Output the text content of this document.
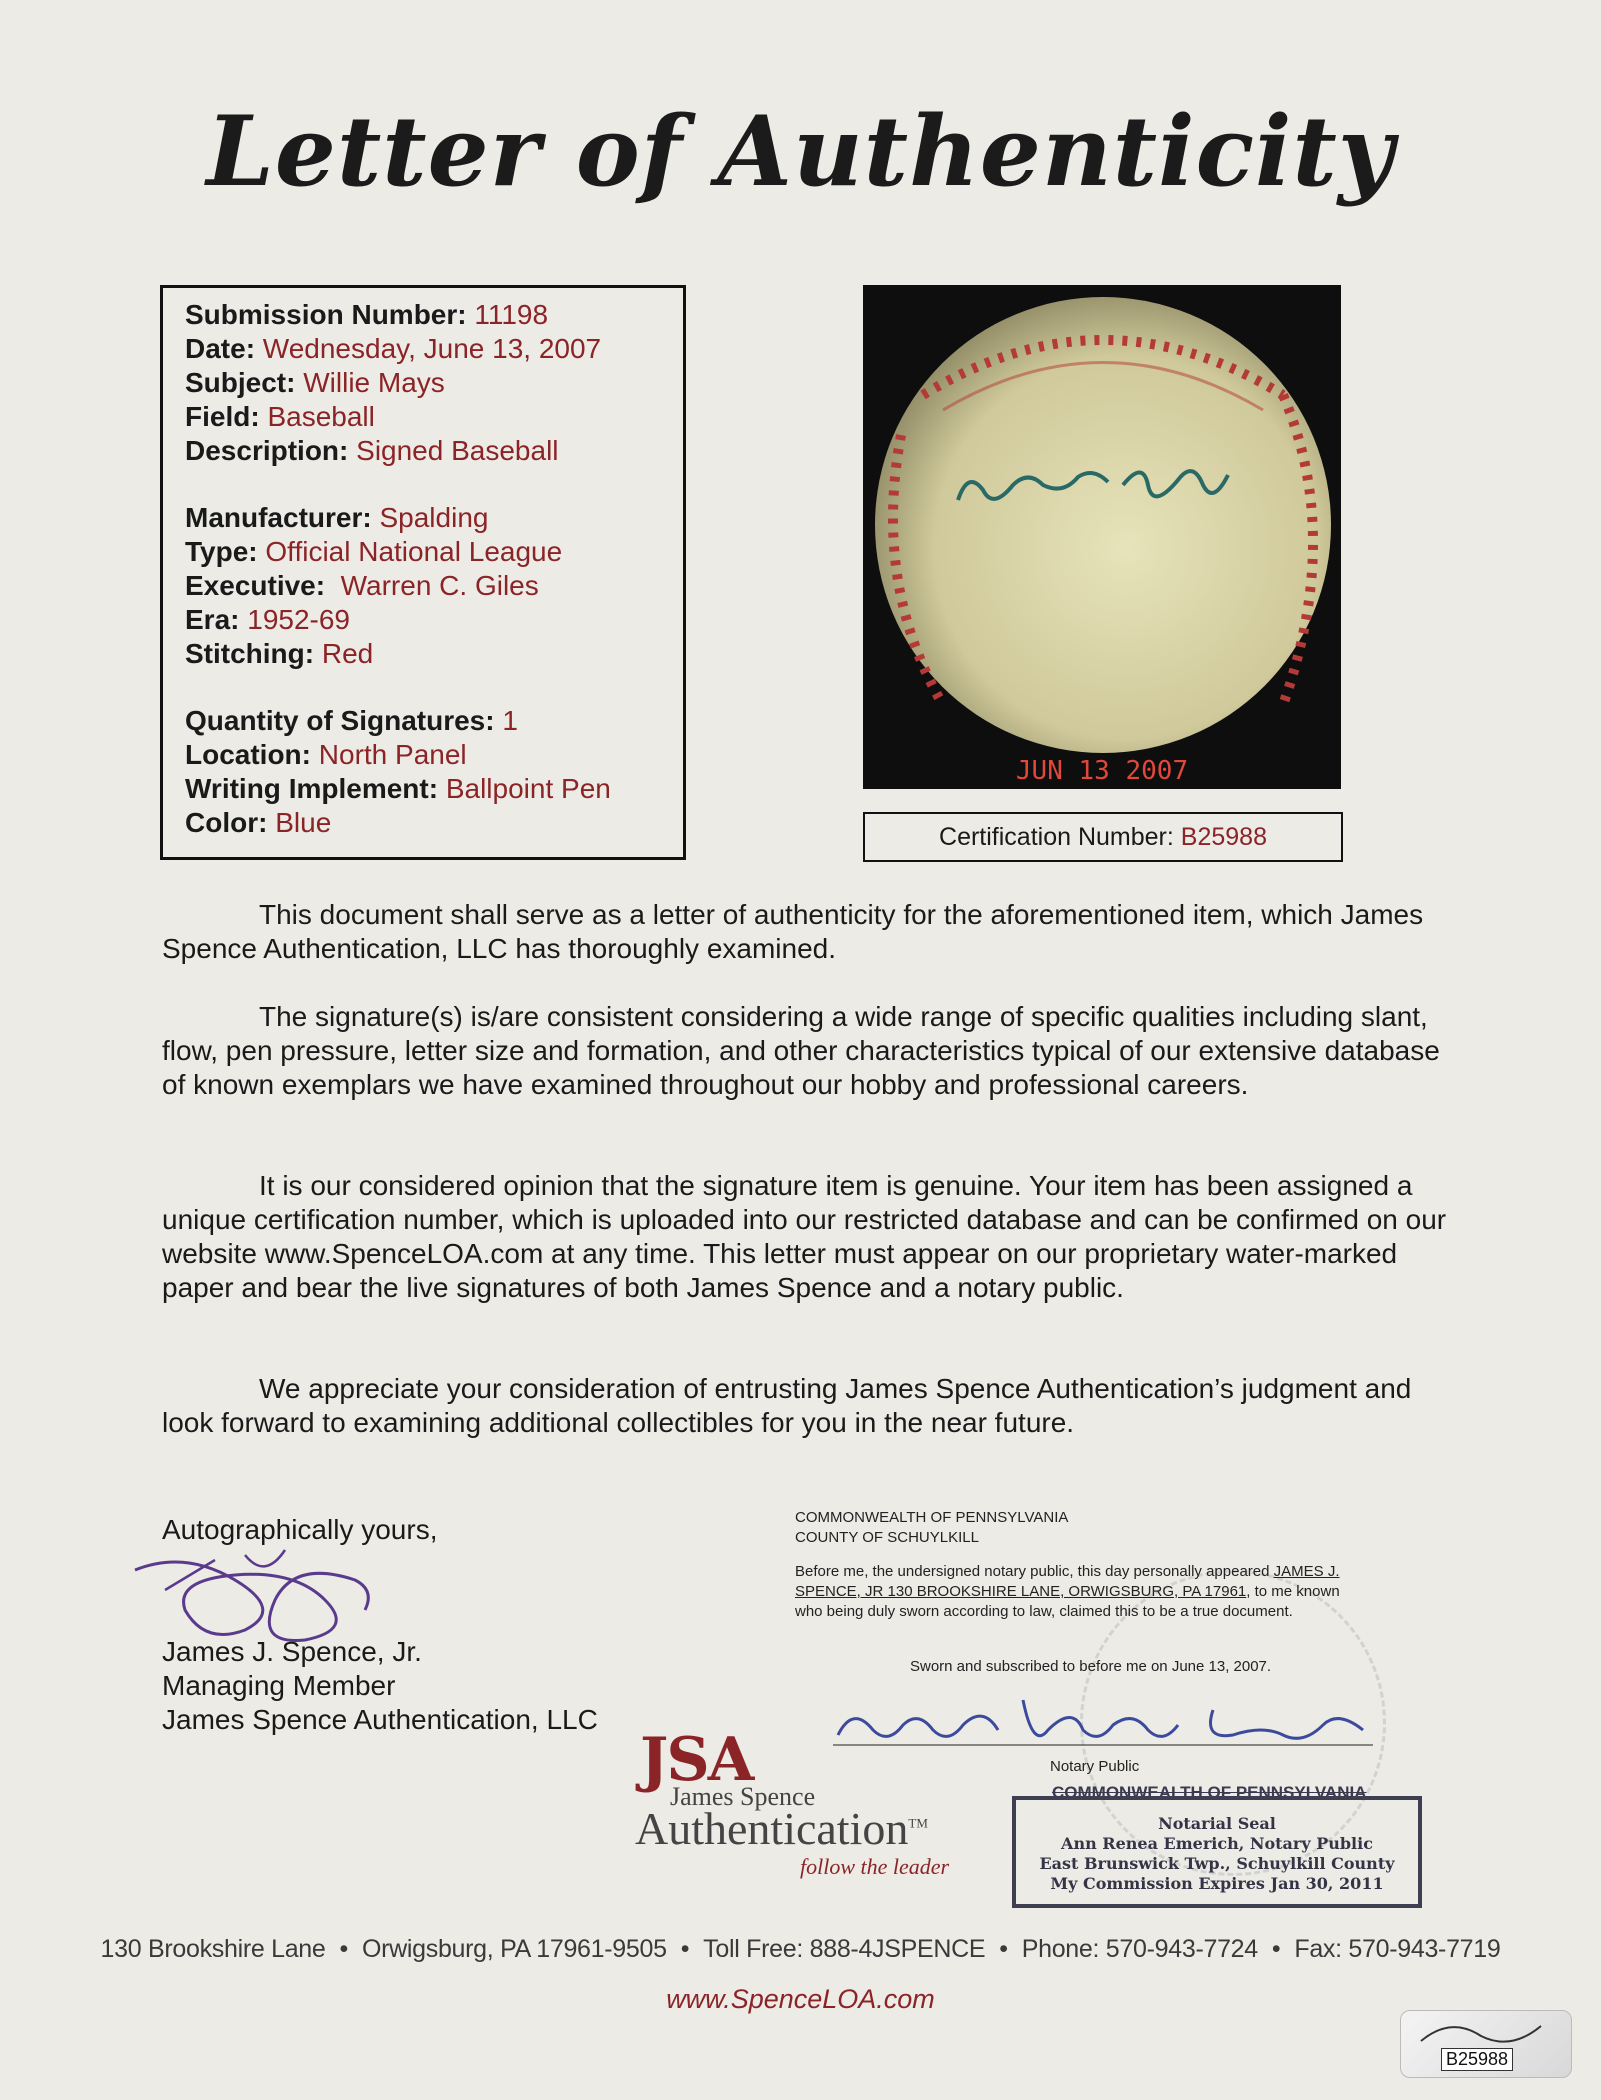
Letter of Authenticity
Submission Number: 11198
Date: Wednesday, June 13, 2007
Subject: Willie Mays
Field: Baseball
Description: Signed Baseball
Manufacturer: Spalding
Type: Official National League
Executive: Warren C. Giles
Era: 1952-69
Stitching: Red
Quantity of Signatures: 1
Location: North Panel
Writing Implement: Ballpoint Pen
Color: Blue
JUN 13 2007
Certification Number: B25988

This document shall serve as a letter of authenticity for the aforementioned item, which James Spence Authentication, LLC has thoroughly examined.

The signature(s) is/are consistent considering a wide range of specific qualities including slant, flow, pen pressure, letter size and formation, and other characteristics typical of our extensive database of known exemplars we have examined throughout our hobby and professional careers.

It is our considered opinion that the signature item is genuine. Your item has been assigned a unique certification number, which is uploaded into our restricted database and can be confirmed on our website www.SpenceLOA.com at any time. This letter must appear on our proprietary water-marked paper and bear the live signatures of both James Spence and a notary public.

We appreciate your consideration of entrusting James Spence Authentication’s judgment and look forward to examining additional collectibles for you in the near future.

Autographically yours,
James J. Spence, Jr.
Managing Member
James Spence Authentication, LLC
COMMONWEALTH OF PENNSYLVANIA
COUNTY OF SCHUYLKILL
Before me, the undersigned notary public, this day personally appeared JAMES J. SPENCE, JR 130 BROOKSHIRE LANE, ORWIGSBURG, PA 17961, to me known who being duly sworn according to law, claimed this to be a true document.
Sworn and subscribed to before me on June 13, 2007.
Notary Public
COMMONWEALTH OF PENNSYLVANIA
Notarial Seal
Ann Renea Emerich, Notary Public
East Brunswick Twp., Schuylkill County
My Commission Expires Jan 30, 2011
JSA
James Spence
Authentication™
follow the leader
130 Brookshire Lane • Orwigsburg, PA 17961-9505 • Toll Free: 888-4JSPENCE • Phone: 570-943-7724 • Fax: 570-943-7719
www.SpenceLOA.com
B25988
